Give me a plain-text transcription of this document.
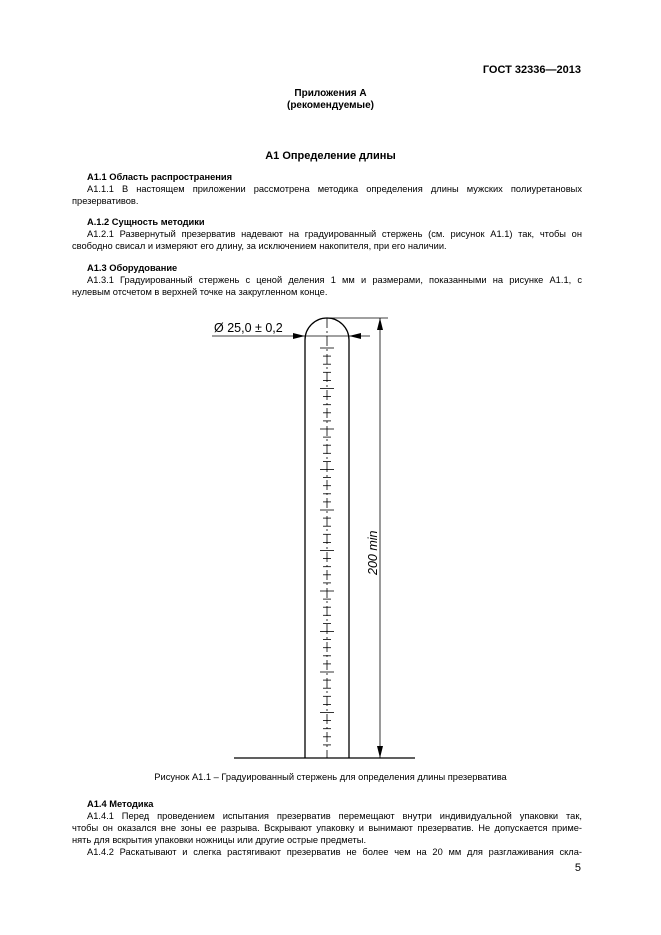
ГОСТ 32336—2013
Приложения А
(рекомендуемые)
А1 Определение длины
А1.1 Область распространения
А1.1.1 В настоящем приложении рассмотрена методика определения длины мужских полиуретановых
презервативов.
А.1.2 Сущность методики
А1.2.1 Развернутый презерватив надевают на градуированный стержень (см. рисунок А1.1) так, чтобы он
свободно свисал и измеряют его длину, за исключением накопителя, при его наличии.
А1.3 Оборудование
А1.3.1 Градуированный стержень с ценой деления 1 мм и размерами, показанными на рисунке А1.1, с
нулевым отсчетом в верхней точке на закругленном конце.
Ø 25,0 ± 0,2
200 min
Рисунок А1.1 – Градуированный стержень для определения длины презерватива
А1.4 Методика
А1.4.1 Перед проведением испытания презерватив перемещают внутри индивидуальной упаковки так,
чтобы он оказался вне зоны ее разрыва. Вскрывают упаковку и вынимают презерватив. Не допускается приме-
нять для вскрытия упаковки ножницы или другие острые предметы.
А1.4.2 Раскатывают и слегка растягивают презерватив не более чем на 20 мм для разглаживания скла-
5
